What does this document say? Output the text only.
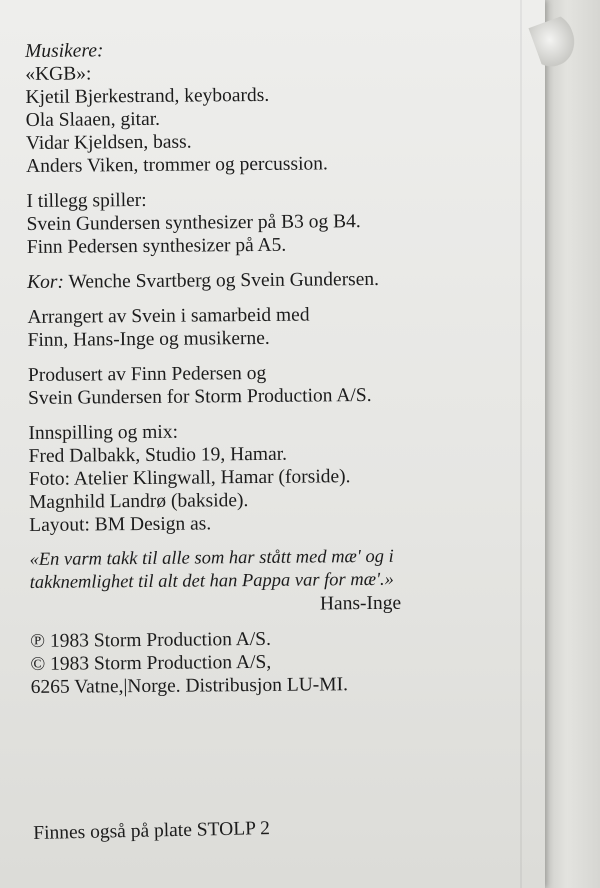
Musikere:
«KGB»:
Kjetil Bjerkestrand, keyboards.
Ola Slaaen, gitar.
Vidar Kjeldsen, bass.
Anders Viken, trommer og percussion.
I tillegg spiller:
Svein Gundersen synthesizer på B3 og B4.
Finn Pedersen synthesizer på A5.
Kor: Wenche Svartberg og Svein Gundersen.
Arrangert av Svein i samarbeid med
Finn, Hans-Inge og musikerne.
Produsert av Finn Pedersen og
Svein Gundersen for Storm Production A/S.
Innspilling og mix:
Fred Dalbakk, Studio 19, Hamar.
Foto: Atelier Klingwall, Hamar (forside).
Magnhild Landrø (bakside).
Layout: BM Design as.
«En varm takk til alle som har stått med mæ' og i
takknemlighet til alt det han Pappa var for mæ'.»
Hans-Inge
℗ 1983 Storm Production A/S.
© 1983 Storm Production A/S,
6265 Vatne,|Norge. Distribusjon LU-MI.
Finnes også på plate STOLP 2
